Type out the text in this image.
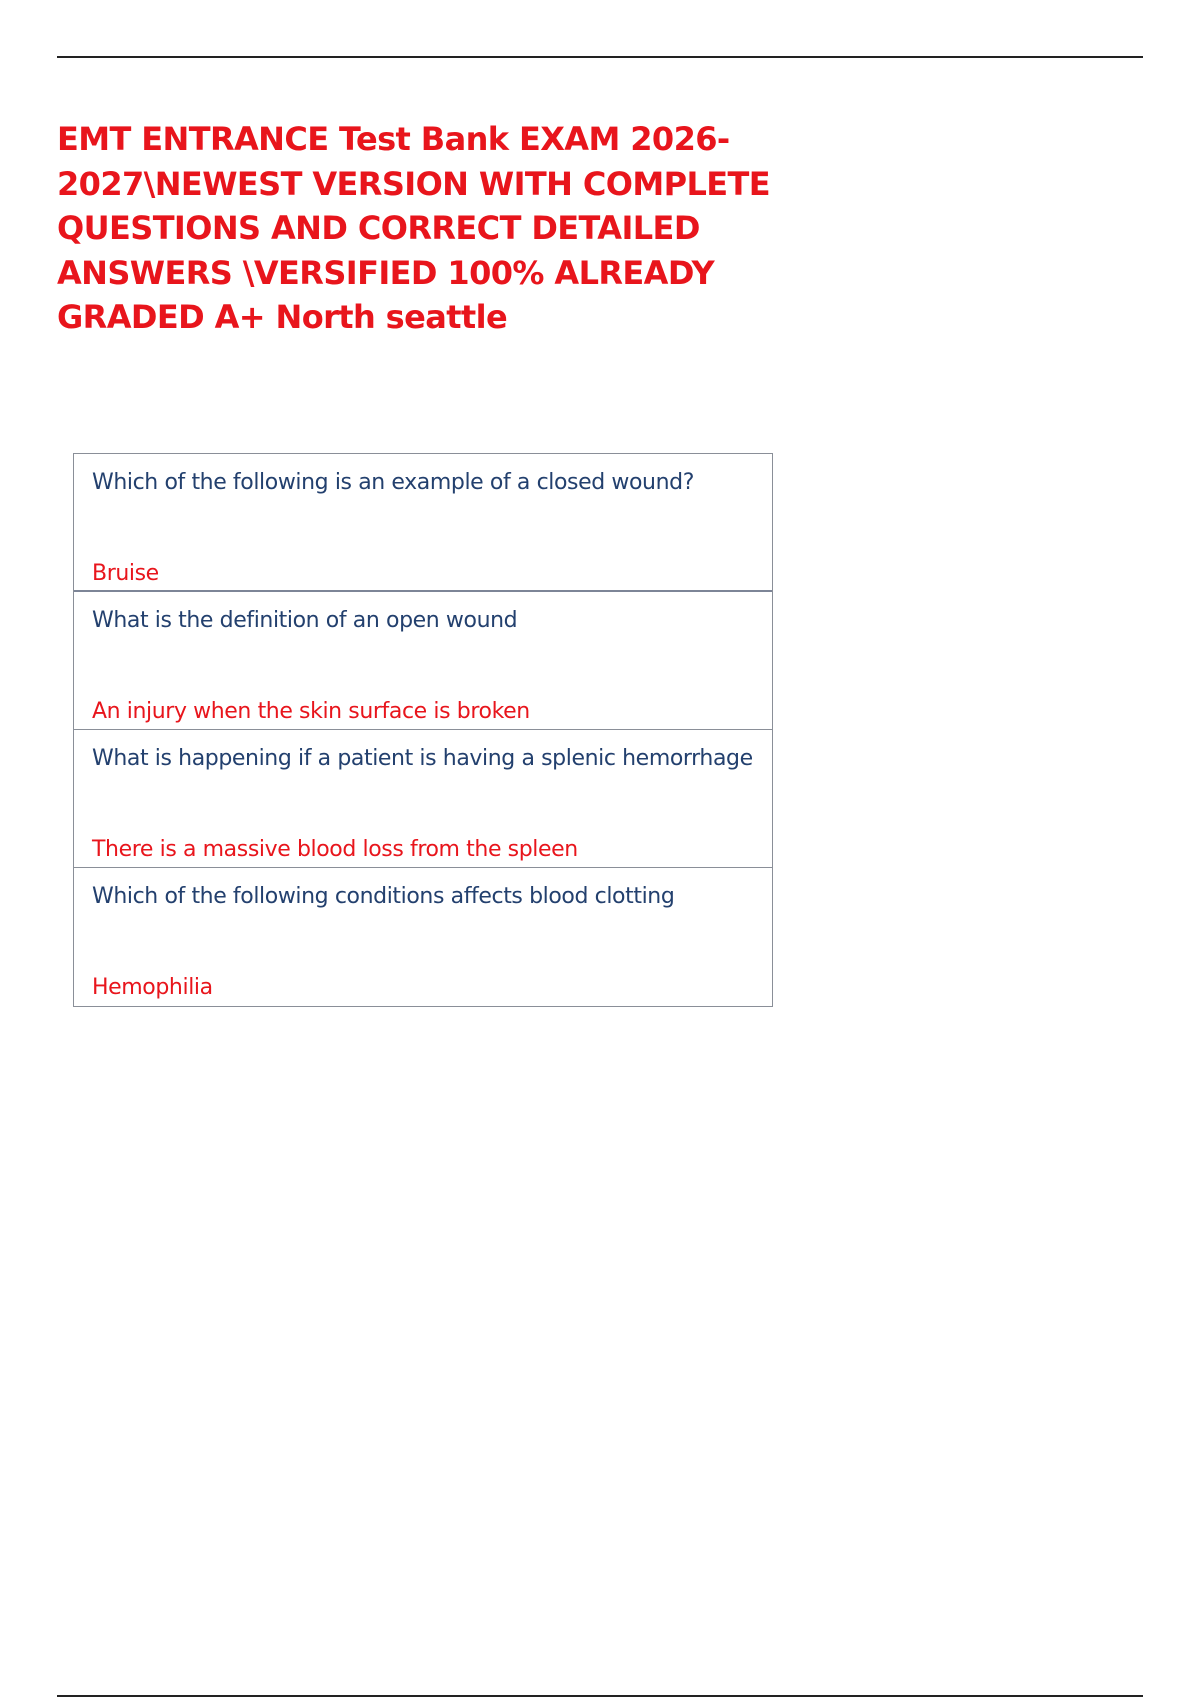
EMT ENTRANCE Test Bank EXAM 2026-
2027\NEWEST VERSION WITH COMPLETE
QUESTIONS AND CORRECT DETAILED
ANSWERS \VERSIFIED 100% ALREADY
GRADED A+ North seattle
Which of the following is an example of a closed wound?
Bruise
What is the definition of an open wound
An injury when the skin surface is broken
What is happening if a patient is having a splenic hemorrhage
There is a massive blood loss from the spleen
Which of the following conditions affects blood clotting
Hemophilia
